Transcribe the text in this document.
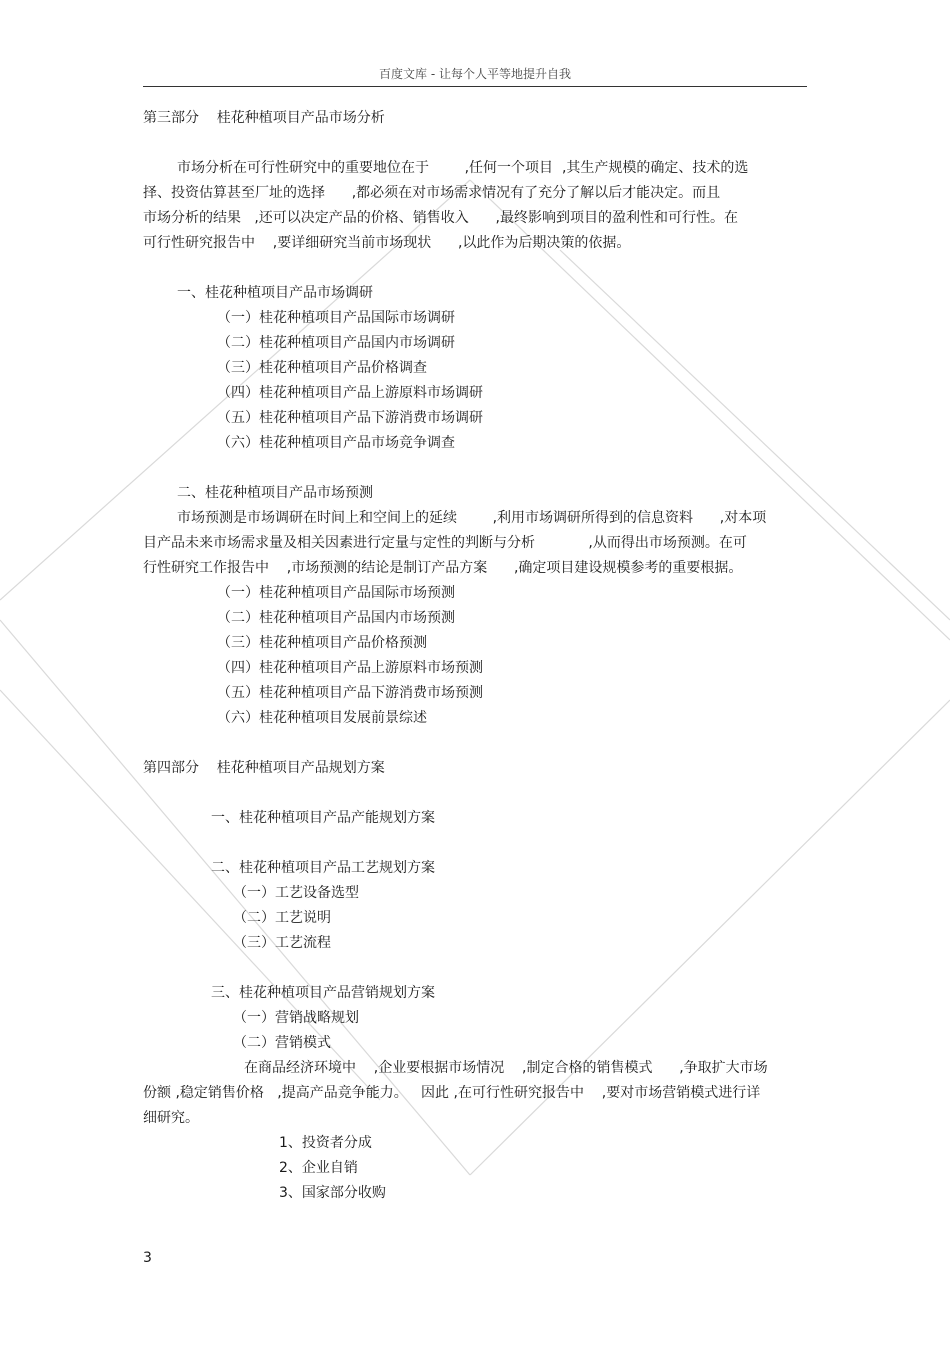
百度文库 - 让每个人平等地提升自我
第三部分    桂花种植项目产品市场分析
市场分析在可行性研究中的重要地位在于        ,任何一个项目  ,其生产规模的确定、技术的选
择、投资估算甚至厂址的选择      ,都必须在对市场需求情况有了充分了解以后才能决定。而且
市场分析的结果   ,还可以决定产品的价格、销售收入      ,最终影响到项目的盈利性和可行性。在
可行性研究报告中    ,要详细研究当前市场现状      ,以此作为后期决策的依据。
一、桂花种植项目产品市场调研
（一）桂花种植项目产品国际市场调研
（二）桂花种植项目产品国内市场调研
（三）桂花种植项目产品价格调查
（四）桂花种植项目产品上游原料市场调研
（五）桂花种植项目产品下游消费市场调研
（六）桂花种植项目产品市场竞争调查
二、桂花种植项目产品市场预测
市场预测是市场调研在时间上和空间上的延续        ,利用市场调研所得到的信息资料      ,对本项
目产品未来市场需求量及相关因素进行定量与定性的判断与分析            ,从而得出市场预测。在可
行性研究工作报告中    ,市场预测的结论是制订产品方案      ,确定项目建设规模参考的重要根据。
（一）桂花种植项目产品国际市场预测
（二）桂花种植项目产品国内市场预测
（三）桂花种植项目产品价格预测
（四）桂花种植项目产品上游原料市场预测
（五）桂花种植项目产品下游消费市场预测
（六）桂花种植项目发展前景综述
第四部分    桂花种植项目产品规划方案
一、桂花种植项目产品产能规划方案
二、桂花种植项目产品工艺规划方案
（一）工艺设备选型
（二）工艺说明
（三）工艺流程
三、桂花种植项目产品营销规划方案
（一）营销战略规划
（二）营销模式
在商品经济环境中    ,企业要根据市场情况    ,制定合格的销售模式      ,争取扩大市场
份额 ,稳定销售价格   ,提高产品竞争能力。   因此 ,在可行性研究报告中    ,要对市场营销模式进行详
细研究。
1、投资者分成
2、企业自销
3、国家部分收购
3
